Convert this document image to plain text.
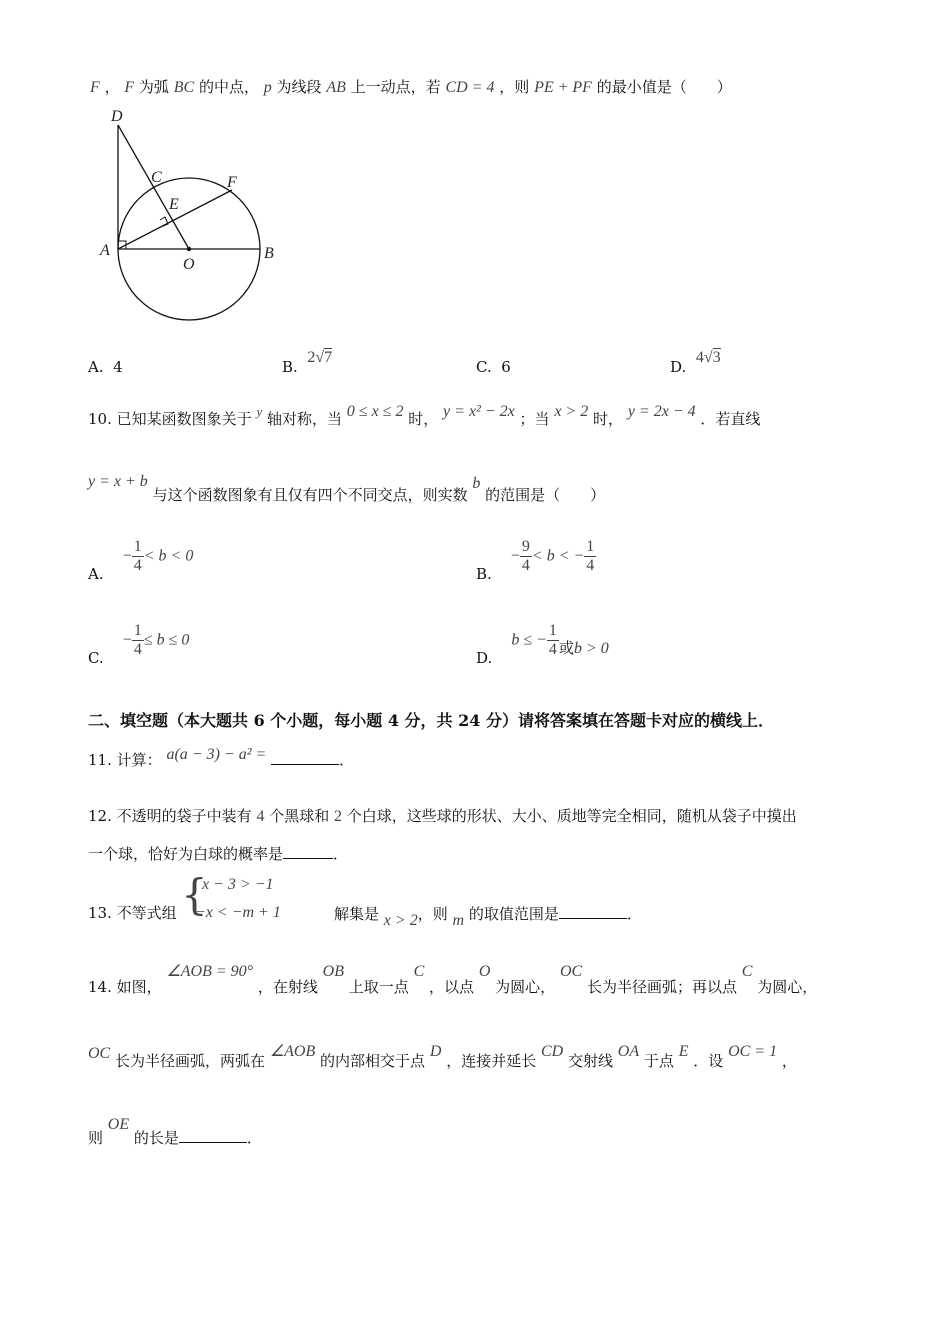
F ， F 为弧 BC 的中点， p 为线段 AB 上一动点，若 CD = 4 ，则 PE + PF 的最小值是（　　）
D
C
E
F
A
O
B
A. 4	B.  2√7
C. 6	D.  4√3
10. 已知某函数图象关于 y 轴对称，当 0 ≤ x ≤ 2 时， y = x² − 2x ；当 x > 2 时， y = 2x − 4 ．若直线
y = x + b 与这个函数图象有且仅有四个不同交点，则实数 b 的范围是（　　）
A.    − $\frac{1}{4} < b < 0$
B.    − $\frac{9}{4} < b$ < − $\frac{1}{4}$
C.    − $\frac{1}{4} \le b \le 0$
D.    b ≤ − $\frac{1}{4}$ 或b > 0
二、填空题（本大题共 6 个小题，每小题 4 分，共 24 分）请将答案填在答题卡对应的横线上．
11. 计算： a(a − 3) − a² =	．
12. 不透明的袋子中装有 4 个黑球和 2 个白球，这些球的形状、大小、质地等完全相同，随机从袋子中摸出
一个球，恰好为白球的概率是	．
13. 不等式组 {
x − 3 > −1
−x < −m + 1	解集是 x > 2，则 m 的取值范围是	．
14. 如图， ∠AOB = 90° ，在射线 OB 上取一点 C ，以点 O 为圆心， OC 长为半径画弧；再以点 C 为圆心，
OC 长为半径画弧，两弧在 ∠AOB 的内部相交于点 D ，连接并延长 CD 交射线 OA 于点 E ．设 OC = 1 ，
则 OE 的长是	．
